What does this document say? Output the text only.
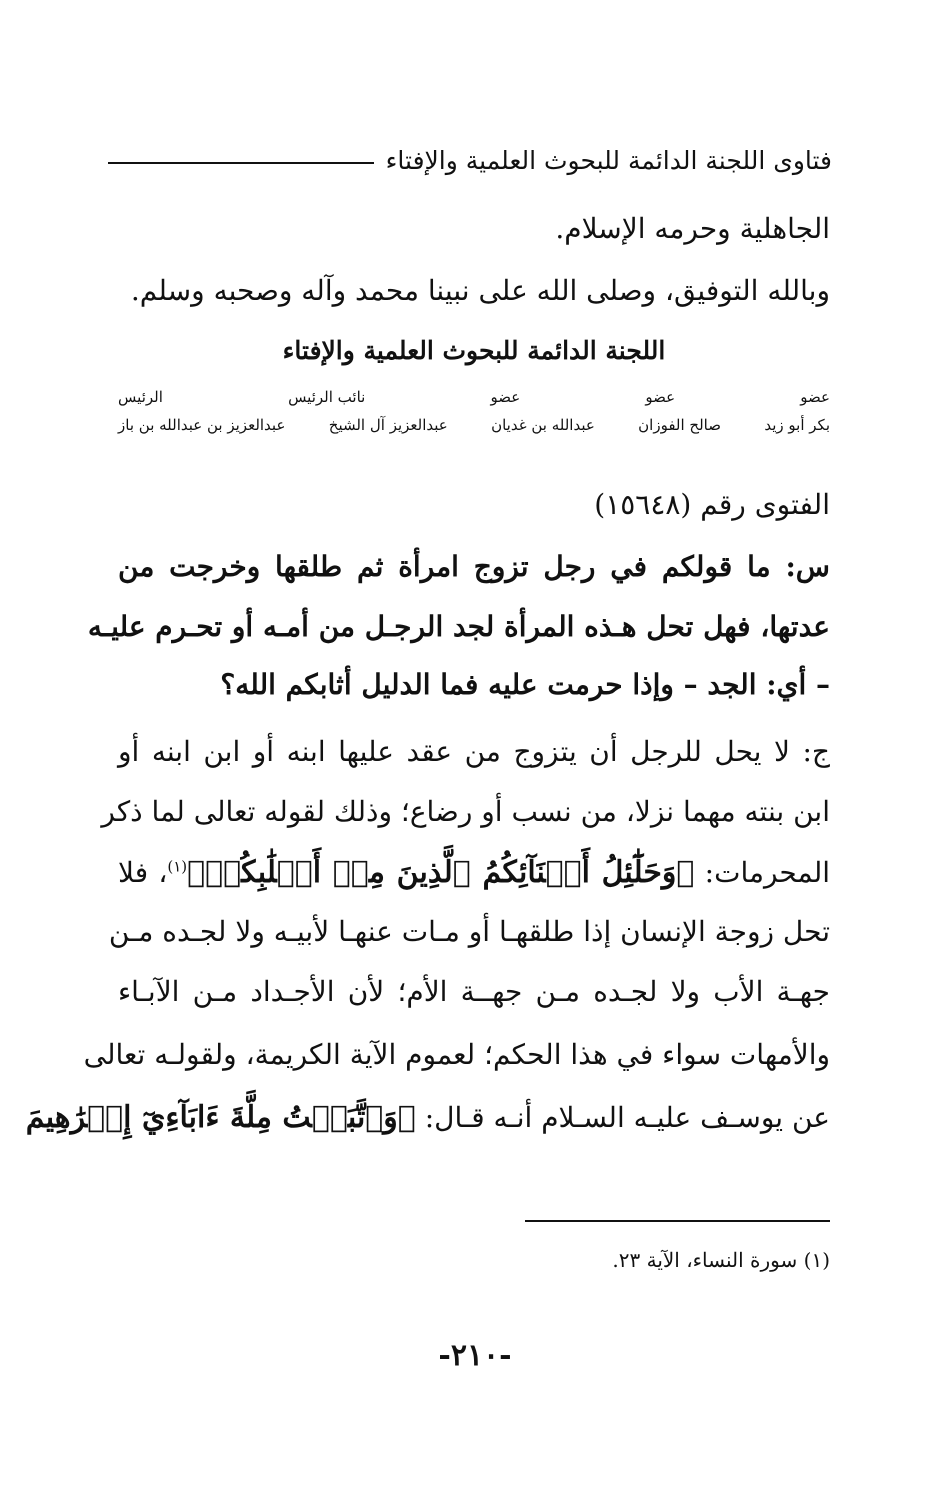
فتاوى اللجنة الدائمة للبحوث العلمية والإفتاء
الجاهلية وحرمه الإسلام.
وبالله التوفيق، وصلى الله على نبينا محمد وآله وصحبه وسلم.
اللجنة الدائمة للبحوث العلمية والإفتاء
عضو
عضو
عضو
نائب الرئيس
الرئيس
بكر أبو زيد
صالح الفوزان
عبدالله بن غديان
عبدالعزيز آل الشيخ
عبدالعزيز بن عبدالله بن باز
الفتوى رقم (١٥٦٤٨)
س: ما قولكم في رجل تزوج امرأة ثم طلقها وخرجت من
عدتها، فهل تحل هـذه المرأة لجد الرجـل من أمـه أو تحـرم عليـه
– أي: الجد – وإذا حرمت عليه فما الدليل أثابكم الله؟
ج: لا يحل للرجل أن يتزوج من عقد عليها ابنه أو ابن ابنه أو
ابن بنته مهما نزلا، من نسب أو رضاع؛ وذلك لقوله تعالى لما ذكر
المحرمات: ﴿وَحَلَٰٓئِلُ أَبۡنَآئِكُمُ ٱلَّذِينَ مِنۡ أَصۡلَٰبِكُمۡ﴾$^{(١)}$، فلا
تحل زوجة الإنسان إذا طلقهـا أو مـات عنهـا لأبيـه ولا لجـده مـن
جهـة الأب ولا لجـده مـن جهــة الأم؛ لأن الأجـداد مـن الآبـاء
والأمهات سواء في هذا الحكم؛ لعموم الآية الكريمة، ولقولـه تعالى
عن يوسـف عليـه السـلام أنـه قـال: ﴿وَٱتَّبَعۡتُ مِلَّةَ ءَابَآءِيٓ إِبۡرَٰهِيمَ
(١) سورة النساء، الآية ٢٣.
-٢١٠-
